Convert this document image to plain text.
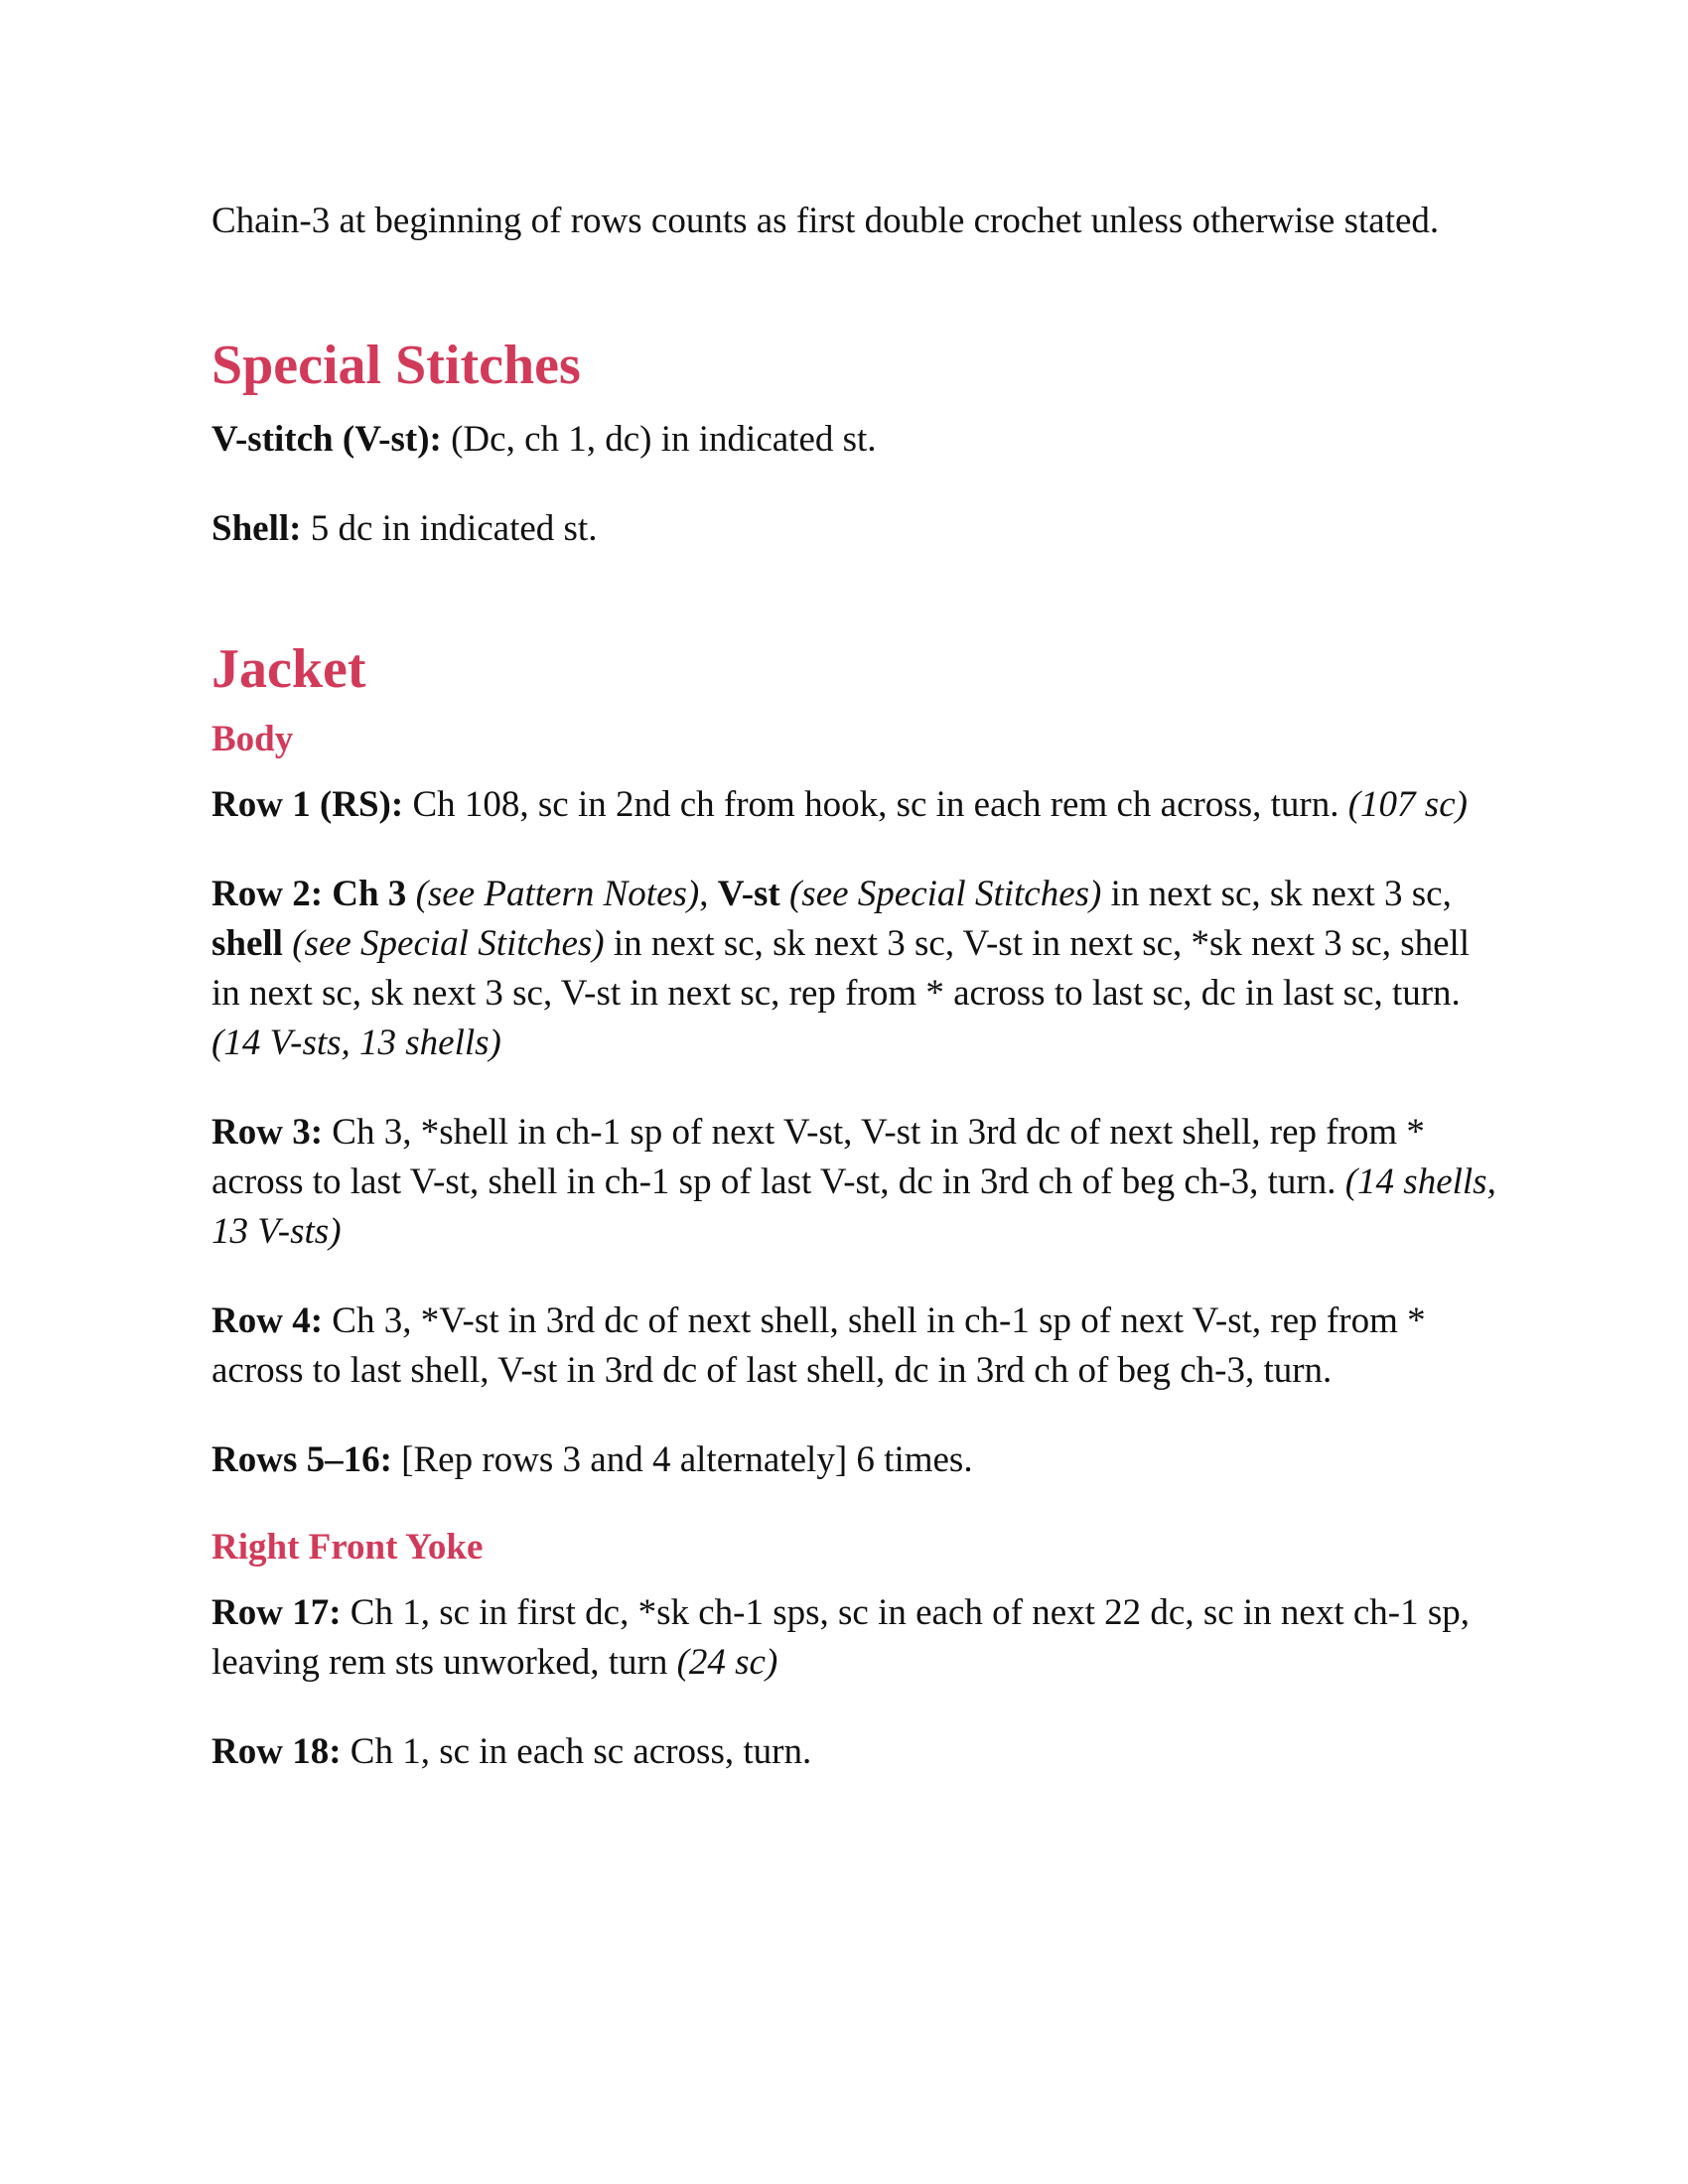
Chain-3 at beginning of rows counts as first double crochet unless otherwise stated.

Special Stitches

V-stitch (V-st): (Dc, ch 1, dc) in indicated st.

Shell: 5 dc in indicated st.

Jacket
Body

Row 1 (RS): Ch 108, sc in 2nd ch from hook, sc in each rem ch across, turn. (107 sc)

Row 2: Ch 3 (see Pattern Notes), V-st (see Special Stitches) in next sc, sk next 3 sc, shell (see Special Stitches) in next sc, sk next 3 sc, V-st in next sc, *sk next 3 sc, shell in next sc, sk next 3 sc, V-st in next sc, rep from * across to last sc, dc in last sc, turn. (14 V-sts, 13 shells)

Row 3: Ch 3, *shell in ch-1 sp of next V-st, V-st in 3rd dc of next shell, rep from * across to last V-st, shell in ch-1 sp of last V-st, dc in 3rd ch of beg ch-3, turn. (14 shells, 13 V-sts)

Row 4: Ch 3, *V-st in 3rd dc of next shell, shell in ch-1 sp of next V-st, rep from * across to last shell, V-st in 3rd dc of last shell, dc in 3rd ch of beg ch-3, turn.

Rows 5–16: [Rep rows 3 and 4 alternately] 6 times.

Right Front Yoke

Row 17: Ch 1, sc in first dc, *sk ch-1 sps, sc in each of next 22 dc, sc in next ch-1 sp, leaving rem sts unworked, turn (24 sc)

Row 18: Ch 1, sc in each sc across, turn.
